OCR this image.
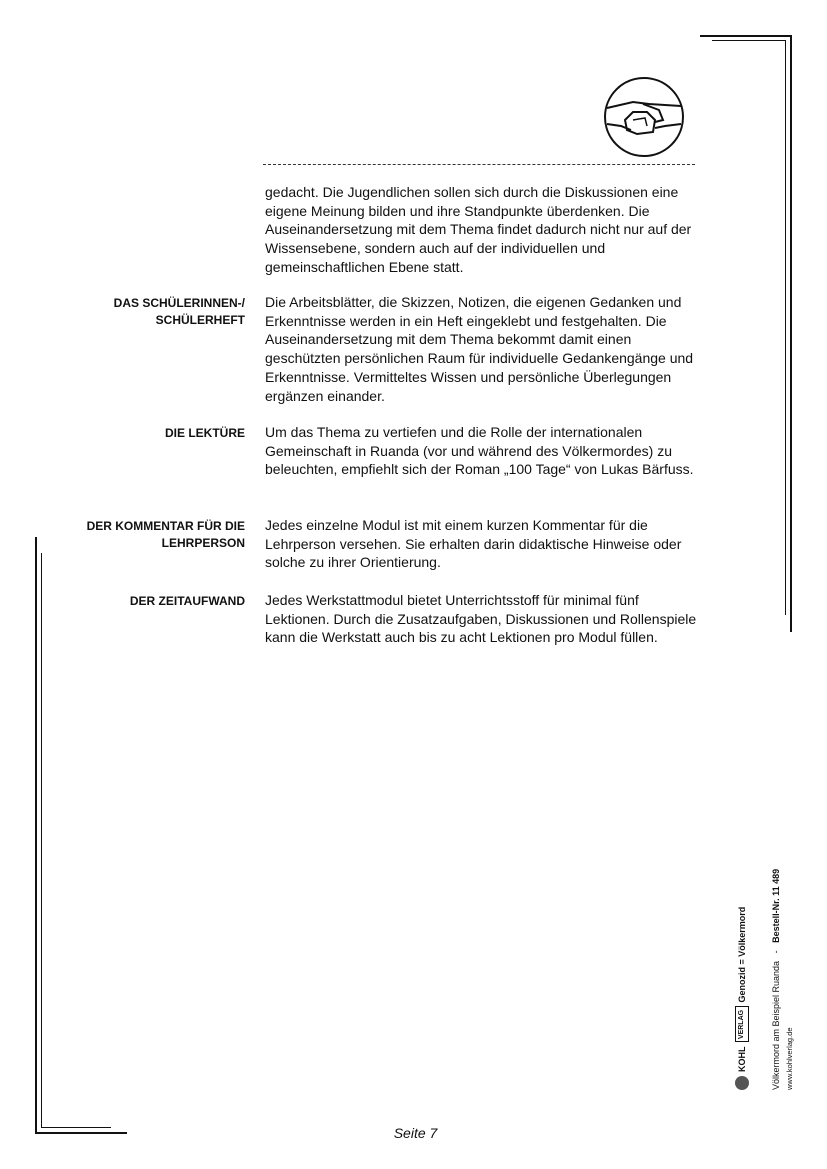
gedacht. Die Jugendlichen sollen sich durch die Diskussionen eine eigene Meinung bilden und ihre Standpunkte überdenken. Die Auseinandersetzung mit dem Thema findet dadurch nicht nur auf der Wissensebene, sondern auch auf der individuellen und gemeinschaftlichen Ebene statt.

DAS SCHÜLERINNEN-/ SCHÜLERHEFT

Die Arbeitsblätter, die Skizzen, Notizen, die eigenen Gedanken und Erkenntnisse werden in ein Heft eingeklebt und festgehalten. Die Auseinandersetzung mit dem Thema bekommt damit einen geschützten persönlichen Raum für individuelle Gedankengänge und Erkenntnisse. Vermitteltes Wissen und persönliche Überlegungen ergänzen einander.

DIE LEKTÜRE Um das Thema zu vertiefen und die Rolle der internationalen Gemeinschaft in Ruanda (vor und während des Völkermordes) zu beleuchten, empfiehlt sich der Roman „100 Tage“ von Lukas Bärfuss.

DER KOMMENTAR FÜR DIE LEHRPERSON

Jedes einzelne Modul ist mit einem kurzen Kommentar für die Lehrperson versehen. Sie erhalten darin didaktische Hinweise oder solche zu ihrer Orientierung.

DER ZEITAUFWAND Jedes Werkstattmodul bietet Unterrichtsstoff für minimal fünf Lektionen. Durch die Zusatzaufgaben, Diskussionen und Rollenspiele kann die Werkstatt auch bis zu acht Lektionen pro Modul füllen.

KOHL
VERLAG
Genozid = Völkermord
Völkermord am Beispiel Ruanda   -   Bestell-Nr. 11 489
www.kohlverlag.de
Seite 7
